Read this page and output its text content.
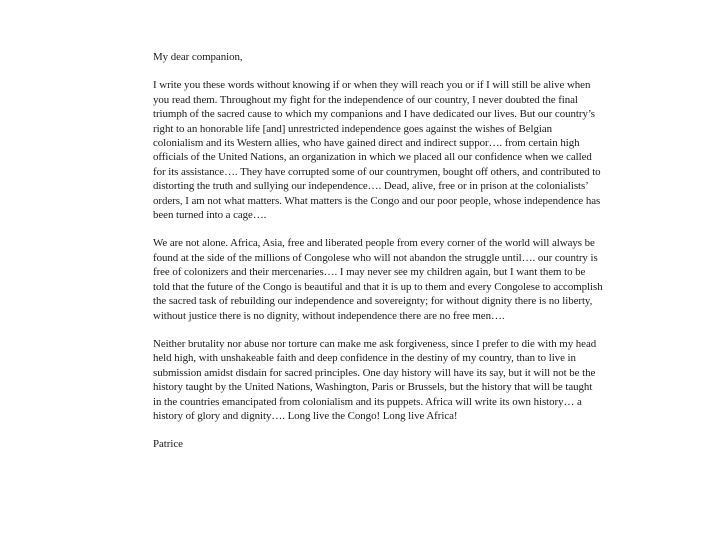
My dear companion,

I write you these words without knowing if or when they will reach you or if I will still be alive when you read them. Throughout my fight for the independence of our country, I never doubted the final triumph of the sacred cause to which my companions and I have dedicated our lives. But our country’s right to an honorable life [and] unrestricted independence goes against the wishes of Belgian colonialism and its Western allies, who have gained direct and indirect suppor…. from certain high officials of the United Nations, an organization in which we placed all our confidence when we called for its assistance…. They have corrupted some of our countrymen, bought off others, and contributed to distorting the truth and sullying our independence…. Dead, alive, free or in prison at the colonialists’ orders, I am not what matters. What matters is the Congo and our poor people, whose independence has been turned into a cage….

We are not alone. Africa, Asia, free and liberated people from every corner of the world will always be found at the side of the millions of Congolese who will not abandon the struggle until…. our country is free of colonizers and their mercenaries…. I may never see my children again, but I want them to be told that the future of the Congo is beautiful and that it is up to them and every Congolese to accomplish the sacred task of rebuilding our independence and sovereignty; for without dignity there is no liberty, without justice there is no dignity, without independence there are no free men….

Neither brutality nor abuse nor torture can make me ask forgiveness, since I prefer to die with my head held high, with unshakeable faith and deep confidence in the destiny of my country, than to live in submission amidst disdain for sacred principles. One day history will have its say, but it will not be the history taught by the United Nations, Washington, Paris or Brussels, but the history that will be taught in the countries emancipated from colonialism and its puppets. Africa will write its own history… a history of glory and dignity…. Long live the Congo! Long live Africa!

Patrice
